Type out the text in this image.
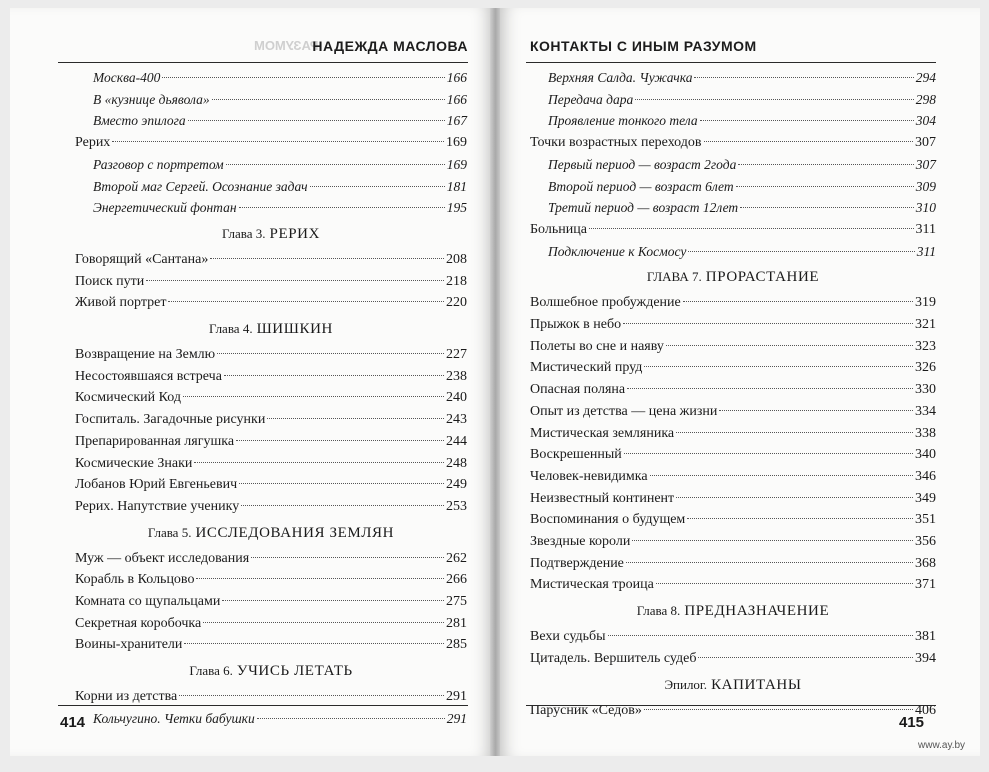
РАЗУМОМ
НАДЕЖДА МАСЛОВА
Москва-400	166
В «кузнице дьявола»	166
Вместо эпилога	167
Рерих	169
Разговор с портретом	169
Второй маг Сергей. Осознание задач	181
Энергетический фонтан	195
Глава 3. РЕРИХ
Говорящий «Сантана»	208
Поиск пути	218
Живой портрет	220
Глава 4. ШИШКИН
Возвращение на Землю	227
Несостоявшаяся встреча	238
Космический Код	240
Госпиталь. Загадочные рисунки	243
Препарированная лягушка	244
Космические Знаки	248
Лобанов Юрий Евгеньевич	249
Рерих. Напутствие ученику	253
Глава 5. ИССЛЕДОВАНИЯ ЗЕМЛЯН
Муж — объект исследования	262
Корабль в Кольцово	266
Комната со щупальцами	275
Секретная коробочка	281
Воины-хранители	285
Глава 6. УЧИСЬ ЛЕТАТЬ
Корни из детства	291
Кольчугино. Четки бабушки	291
414
КОНТАКТЫ С ИНЫМ РАЗУМОМ
Верхняя Салда. Чужачка	294
Передача дара	298
Проявление тонкого тела	304
Точки возрастных переходов	307
Первый период — возраст 2года	307
Второй период — возраст 6лет	309
Третий период — возраст 12лет	310
Больница	311
Подключение к Космосу	311
ГЛАВА 7. ПРОРАСТАНИЕ
Волшебное пробуждение	319
Прыжок в небо	321
Полеты во сне и наяву	323
Мистический пруд	326
Опасная поляна	330
Опыт из детства — цена жизни	334
Мистическая земляника	338
Воскрешенный	340
Человек-невидимка	346
Неизвестный континент	349
Воспоминания о будущем	351
Звездные короли	356
Подтверждение	368
Мистическая троица	371
Глава 8. ПРЕДНАЗНАЧЕНИЕ
Вехи судьбы	381
Цитадель. Вершитель судеб	394
Эпилог. КАПИТАНЫ
Парусник «Седов»	406
415
www.ay.by
